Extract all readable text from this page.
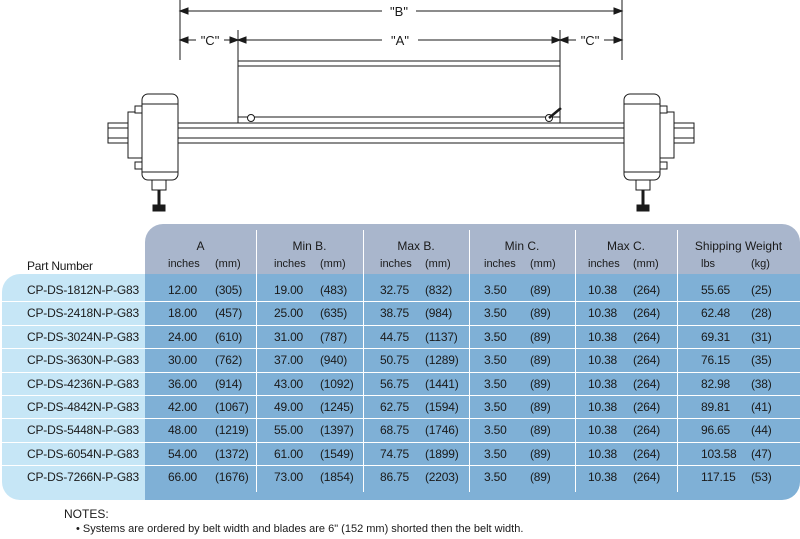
"B"
"A"
"C"	"C"
Part Number
A
inches (mm)
Min B.
inches (mm)
Max B.
inches (mm)
Min C.
inches (mm)
Max C.
inches (mm)
Shipping Weight
lbs	(kg)
CP-DS-1812N-P-G83 12.00 (305)	19.00 (483)	32.75 (832)	3.50 (89)	10.38 (264)	55.65 (25)
CP-DS-2418N-P-G83 18.00 (457)	25.00 (635)	38.75 (984)	3.50 (89)	10.38 (264)	62.48 (28)
CP-DS-3024N-P-G83 24.00 (610)	31.00 (787)	44.75 (1137) 3.50 (89)	10.38 (264)	69.31 (31)
CP-DS-3630N-P-G83 30.00 (762)	37.00 (940)	50.75 (1289) 3.50 (89)	10.38 (264)	76.15 (35)
CP-DS-4236N-P-G83 36.00 (914)	43.00 (1092) 56.75 (1441) 3.50 (89)	10.38 (264)	82.98 (38)
CP-DS-4842N-P-G83 42.00 (1067) 49.00 (1245) 62.75 (1594) 3.50 (89)	10.38 (264)	89.81 (41)
CP-DS-5448N-P-G83 48.00 (1219) 55.00 (1397) 68.75 (1746) 3.50 (89)	10.38 (264)	96.65 (44)
CP-DS-6054N-P-G83 54.00 (1372) 61.00 (1549) 74.75 (1899) 3.50 (89)	10.38 (264)	103.58 (47)
CP-DS-7266N-P-G83 66.00 (1676) 73.00 (1854) 86.75 (2203) 3.50 (89)	10.38 (264)	117.15 (53)
NOTES:
• Systems are ordered by belt width and blades are 6" (152 mm) shorted then the belt width.
